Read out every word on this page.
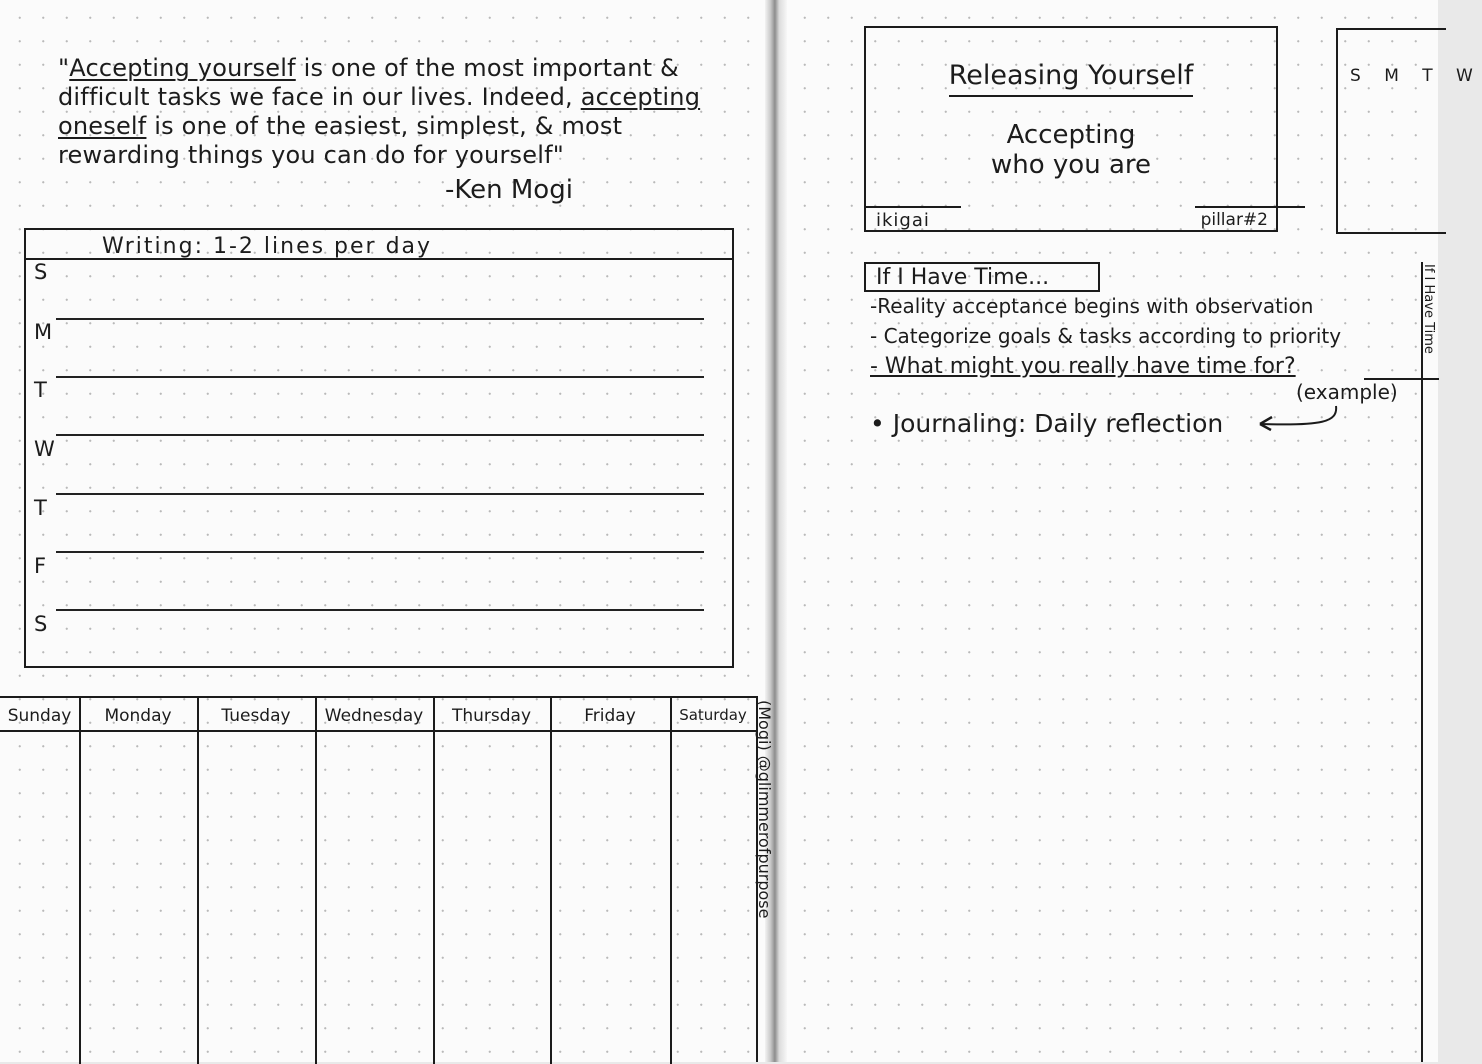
"Accepting yourself is one of the most important & difficult tasks we face in our lives. Indeed, accepting oneself is one of the easiest, simplest, & most rewarding things you can do for yourself"
-Ken Mogi
Writing: 1-2 lines per day
S
M
T
W
T
F
S
Sunday	Monday	Tuesday	Wednesday	Thursday	Friday	Saturday (Mogi) @glimmerofpurpose
Releasing Yourself
Accepting
who you are
ikigai	pillar#2
S M T W
If I Have Time...
-Reality acceptance begins with observation
- Categorize goals & tasks according to priority
- What might you really have time for?
(example)
• Journaling: Daily reflection
If I Have Time
